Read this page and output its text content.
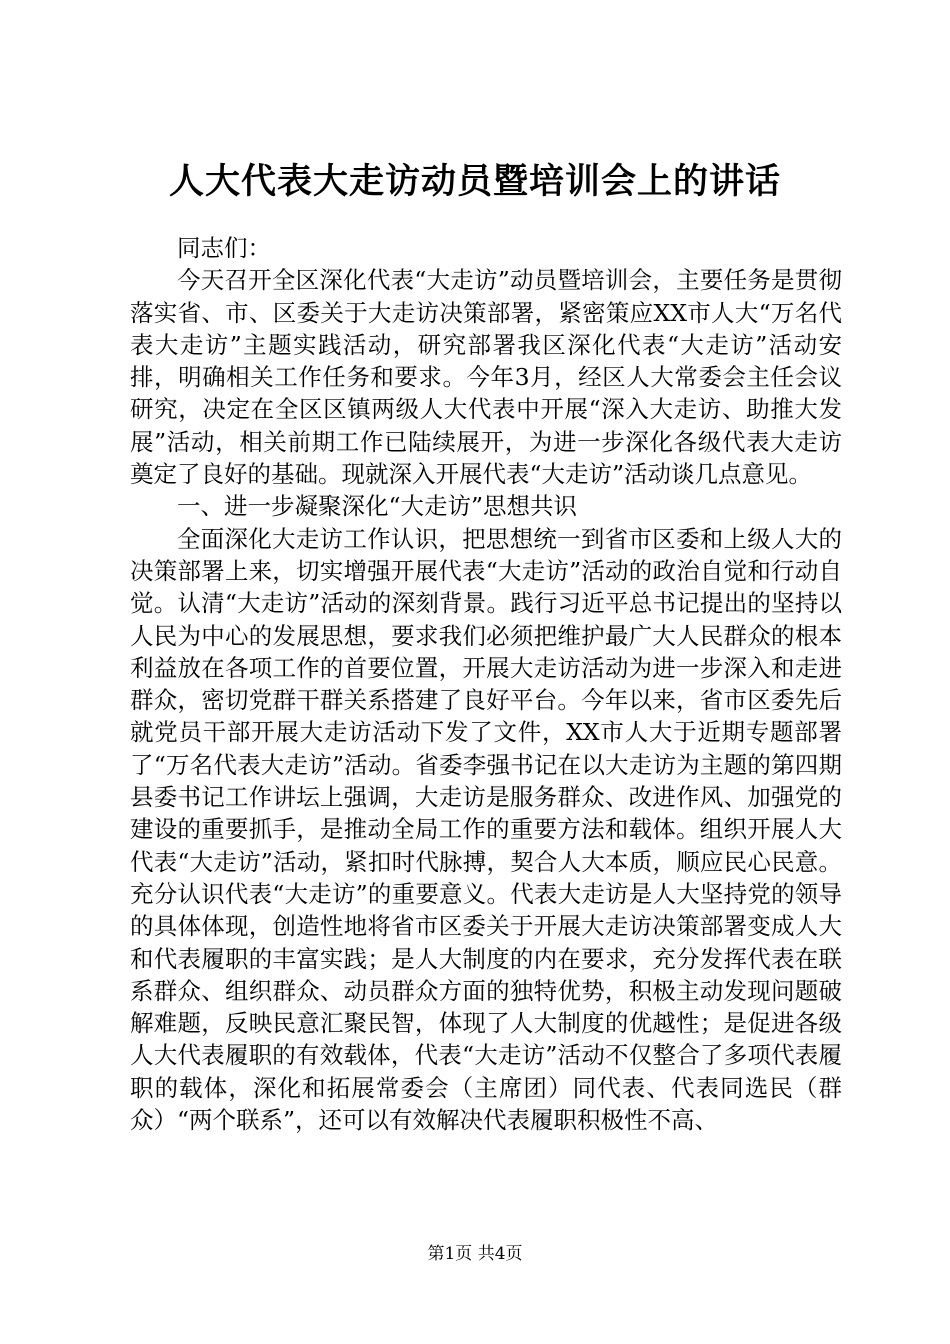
人大代表大走访动员暨培训会上的讲话

同志们：

今天召开全区深化代表“大走访”动员暨培训会，主要任务是贯彻落实省、市、区委关于大走访决策部署，紧密策应XX市人大“万名代表大走访”主题实践活动，研究部署我区深化代表“大走访”活动安排，明确相关工作任务和要求。今年3月，经区人大常委会主任会议研究，决定在全区区镇两级人大代表中开展“深入大走访、助推大发展”活动，相关前期工作已陆续展开，为进一步深化各级代表大走访奠定了良好的基础。现就深入开展代表“大走访”活动谈几点意见。

一、进一步凝聚深化“大走访”思想共识

全面深化大走访工作认识，把思想统一到省市区委和上级人大的决策部署上来，切实增强开展代表“大走访”活动的政治自觉和行动自觉。认清“大走访”活动的深刻背景。践行习近平总书记提出的坚持以人民为中心的发展思想，要求我们必须把维护最广大人民群众的根本利益放在各项工作的首要位置，开展大走访活动为进一步深入和走进群众，密切党群干群关系搭建了良好平台。今年以来，省市区委先后就党员干部开展大走访活动下发了文件，XX市人大于近期专题部署了“万名代表大走访”活动。省委李强书记在以大走访为主题的第四期县委书记工作讲坛上强调，大走访是服务群众、改进作风、加强党的建设的重要抓手，是推动全局工作的重要方法和载体。组织开展人大代表“大走访”活动，紧扣时代脉搏，契合人大本质，顺应民心民意。充分认识代表“大走访”的重要意义。代表大走访是人大坚持党的领导的具体体现，创造性地将省市区委关于开展大走访决策部署变成人大和代表履职的丰富实践；是人大制度的内在要求，充分发挥代表在联系群众、组织群众、动员群众方面的独特优势，积极主动发现问题破解难题，反映民意汇聚民智，体现了人大制度的优越性；是促进各级人大代表履职的有效载体，代表“大走访”活动不仅整合了多项代表履职的载体，深化和拓展常委会（主席团）同代表、代表同选民（群众）“两个联系”，还可以有效解决代表履职积极性不高、

第1页 共4页
